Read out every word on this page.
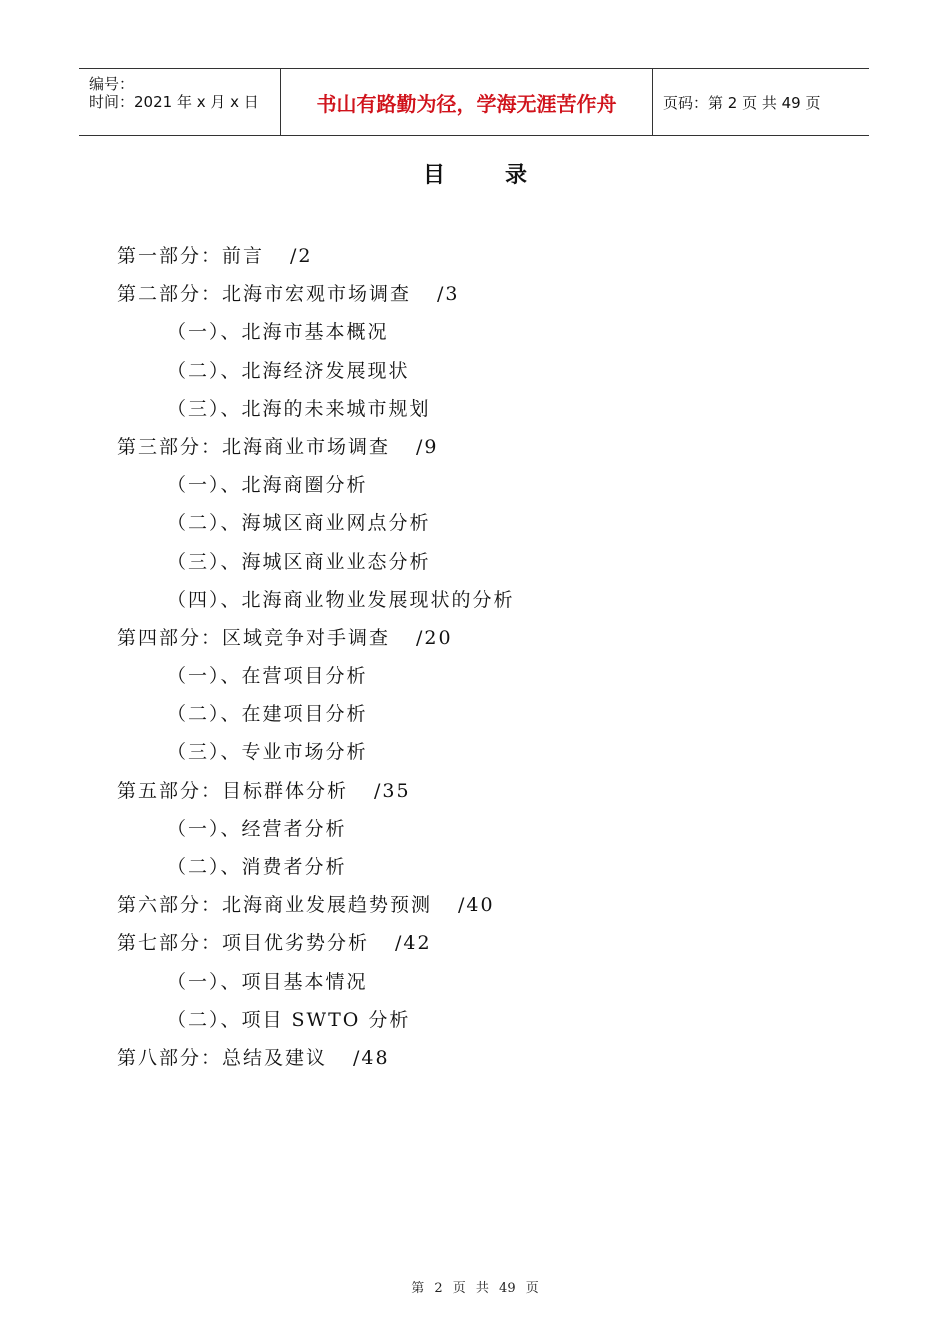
编号：
时间：2021 年 x 月 x 日	书山有路勤为径，学海无涯苦作舟	页码：第 2 页 共 49 页
目录
第一部分：前言 /2
第二部分：北海市宏观市场调查 /3
（一）、北海市基本概况
（二）、北海经济发展现状
（三）、北海的未来城市规划
第三部分：北海商业市场调查 /9
（一）、北海商圈分析
（二）、海城区商业网点分析
（三）、海城区商业业态分析
（四）、北海商业物业发展现状的分析
第四部分：区域竞争对手调查 /20
（一）、在营项目分析
（二）、在建项目分析
（三）、专业市场分析
第五部分：目标群体分析 /35
（一）、经营者分析
（二）、消费者分析
第六部分：北海商业发展趋势预测 /40
第七部分：项目优劣势分析 /42
（一）、项目基本情况
（二）、项目 SWTO 分析
第八部分：总结及建议 /48
第 2 页 共 49 页
